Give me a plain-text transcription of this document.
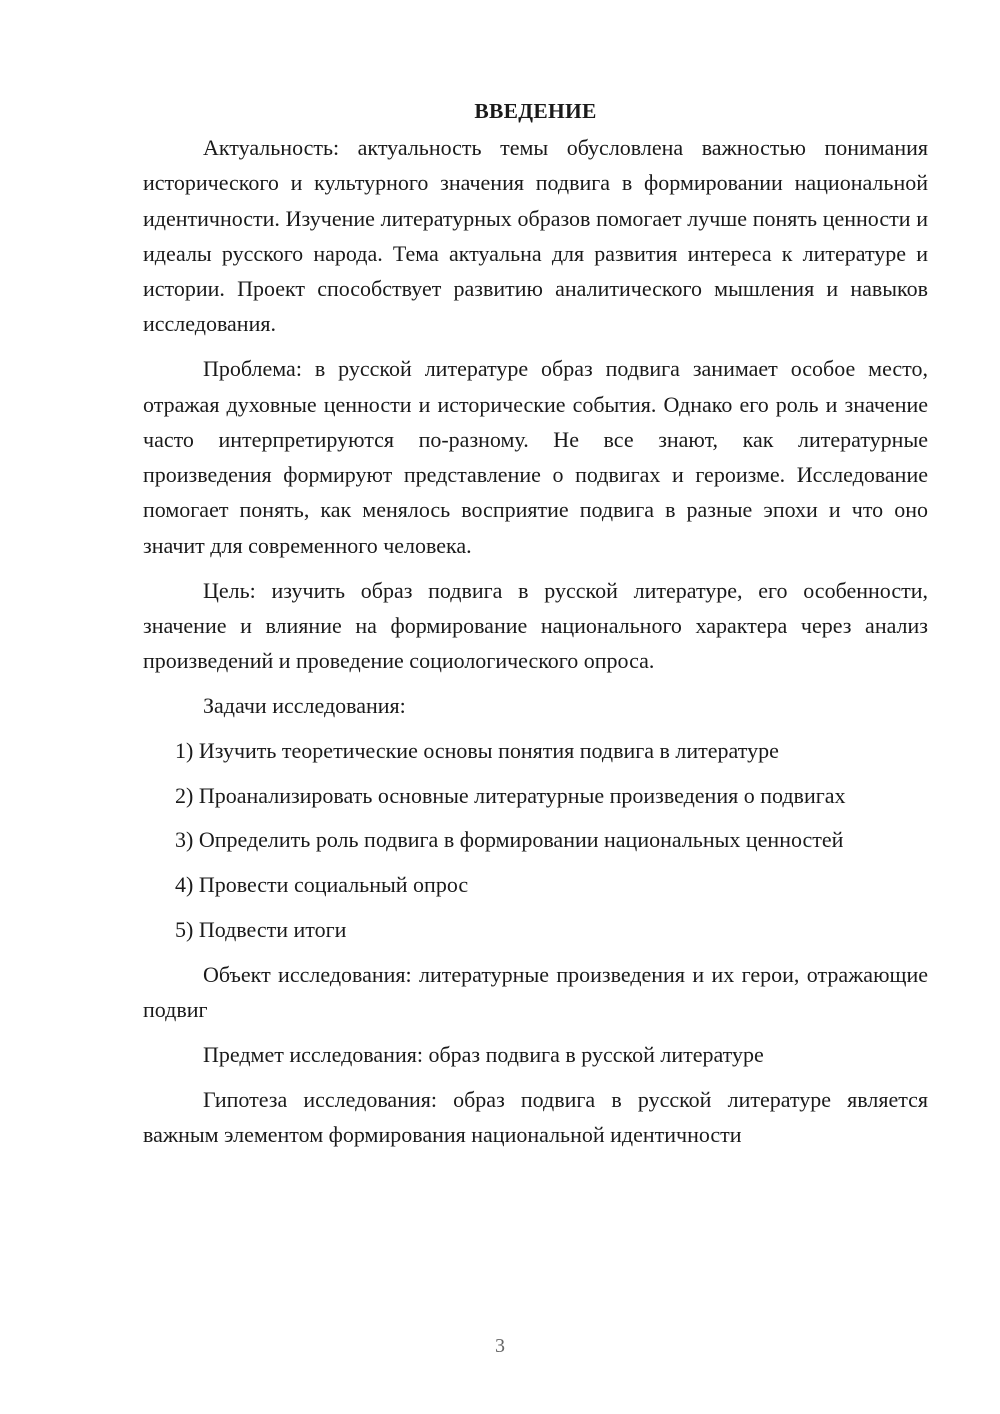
ВВЕДЕНИЕ

Актуальность: актуальность темы обусловлена важностью понимания исторического и культурного значения подвига в формировании национальной идентичности. Изучение литературных образов помогает лучше понять ценности и идеалы русского народа. Тема актуальна для развития интереса к литературе и истории. Проект способствует развитию аналитического мышления и навыков исследования.

Проблема: в русской литературе образ подвига занимает особое место, отражая духовные ценности и исторические события. Однако его роль и значение часто интерпретируются по-разному. Не все знают, как литературные произведения формируют представление о подвигах и героизме. Исследование помогает понять, как менялось восприятие подвига в разные эпохи и что оно значит для современного человека.

Цель: изучить образ подвига в русской литературе, его особенности, значение и влияние на формирование национального характера через анализ произведений и проведение социологического опроса.

Задачи исследования:

1) Изучить теоретические основы понятия подвига в литературе

2) Проанализировать основные литературные произведения о подвигах

3) Определить роль подвига в формировании национальных ценностей

4) Провести социальный опрос

5) Подвести итоги

Объект исследования: литературные произведения и их герои, отражающие подвиг

Предмет исследования: образ подвига в русской литературе

Гипотеза исследования: образ подвига в русской литературе является важным элементом формирования национальной идентичности

3
